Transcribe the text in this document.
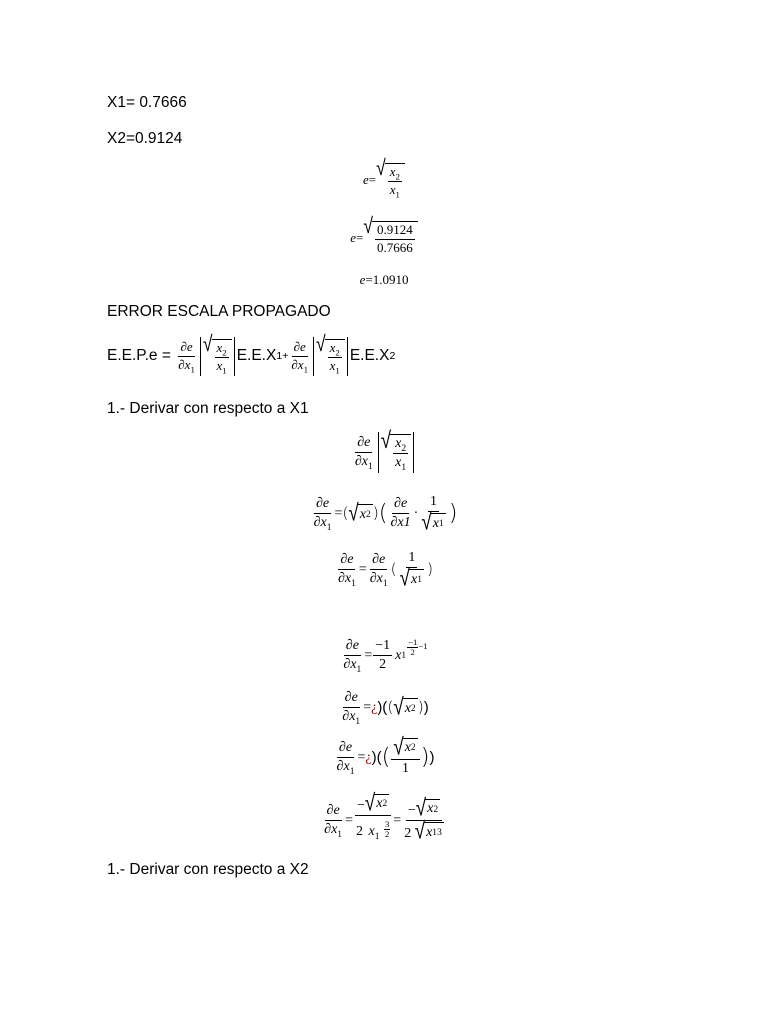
X1= 0.7666
X2=0.9124
e = √ $x_2$
$x_1$
e = √ 0.9124
0.7666
e = 1.0910
ERROR ESCALA PROPAGADO
E.E.P.e =
∂e
$\partial x_1$
√ $x_2$
$x_1$
E.E.X 1+
∂e
$\partial x_1$
√ $x_2$
$x_1$
E.E.X 2
1.- Derivar con respecto a X1
∂e
$\partial x_1$
√ $x_2$
$x_1$
$\frac{\partial e}{\partial x_1}$ = ( √ x 2 ) ( ∂e
∂x1
·
1
√ x 1 )
$\frac{\partial e}{\partial x_1} = \frac{\partial e}{\partial x_1}$ (
1
√ x 1
)
$\frac{\partial e}{\partial x_1} = \frac{-1}{2}$ x 1
−1
2
−1
$\frac{\partial e}{\partial x_1}$ = ¿ )( ( √ x 2 ) )
$\frac{\partial e}{\partial x_1}$ = ¿ )( ( √ x 2
1 ) )
$\frac{\partial e}{\partial x_1} = \frac{- √ x 2}{2 x_1 \frac{3}{2}} = \frac{- √ x 2}{2 √ x 1 3}$
1.- Derivar con respecto a X2
